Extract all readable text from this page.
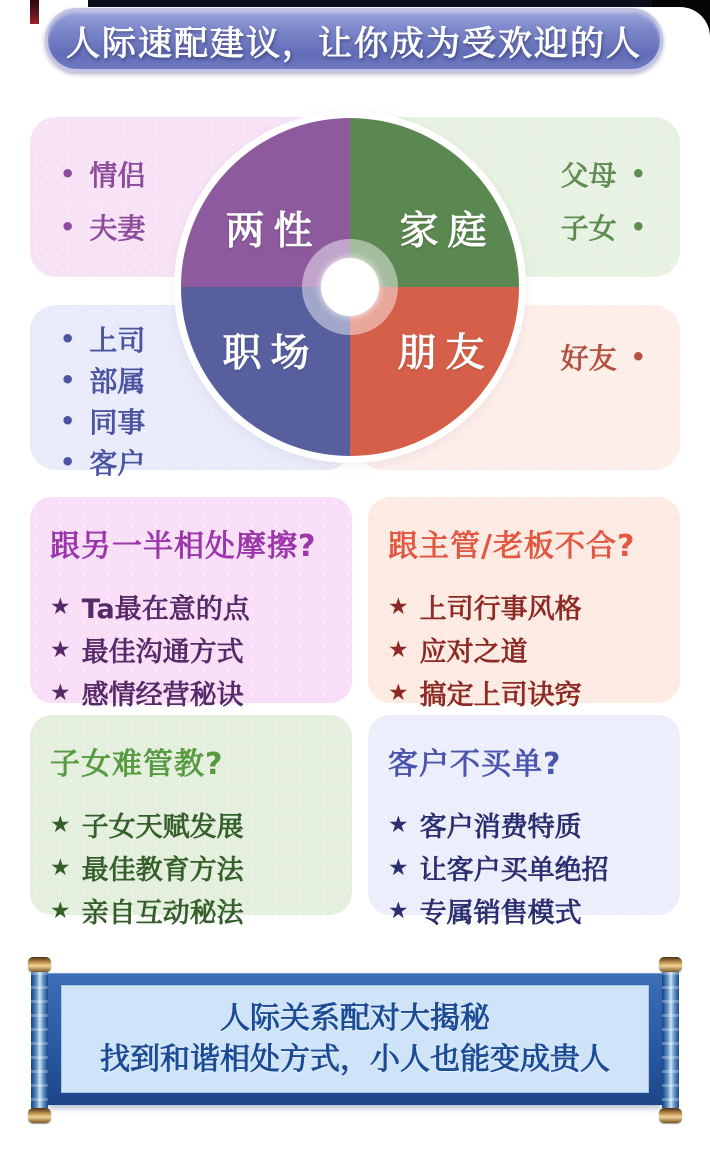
人际速配建议，让你成为受欢迎的人
• 情侣
• 夫妻
父母 •
子女 •
• 上司
• 部属
• 同事
• 客户
好友 •
两性 家庭
职场 朋友
跟另一半相处摩擦?
★ Ta最在意的点
★ 最佳沟通方式
★ 感情经营秘诀
跟主管/老板不合?
★ 上司行事风格
★ 应对之道
★ 搞定上司诀窍
子女难管教?
★ 子女天赋发展
★ 最佳教育方法
★ 亲自互动秘法
客户不买单?
★ 客户消费特质
★ 让客户买单绝招
★ 专属销售模式
人际关系配对大揭秘
找到和谐相处方式，小人也能变成贵人
